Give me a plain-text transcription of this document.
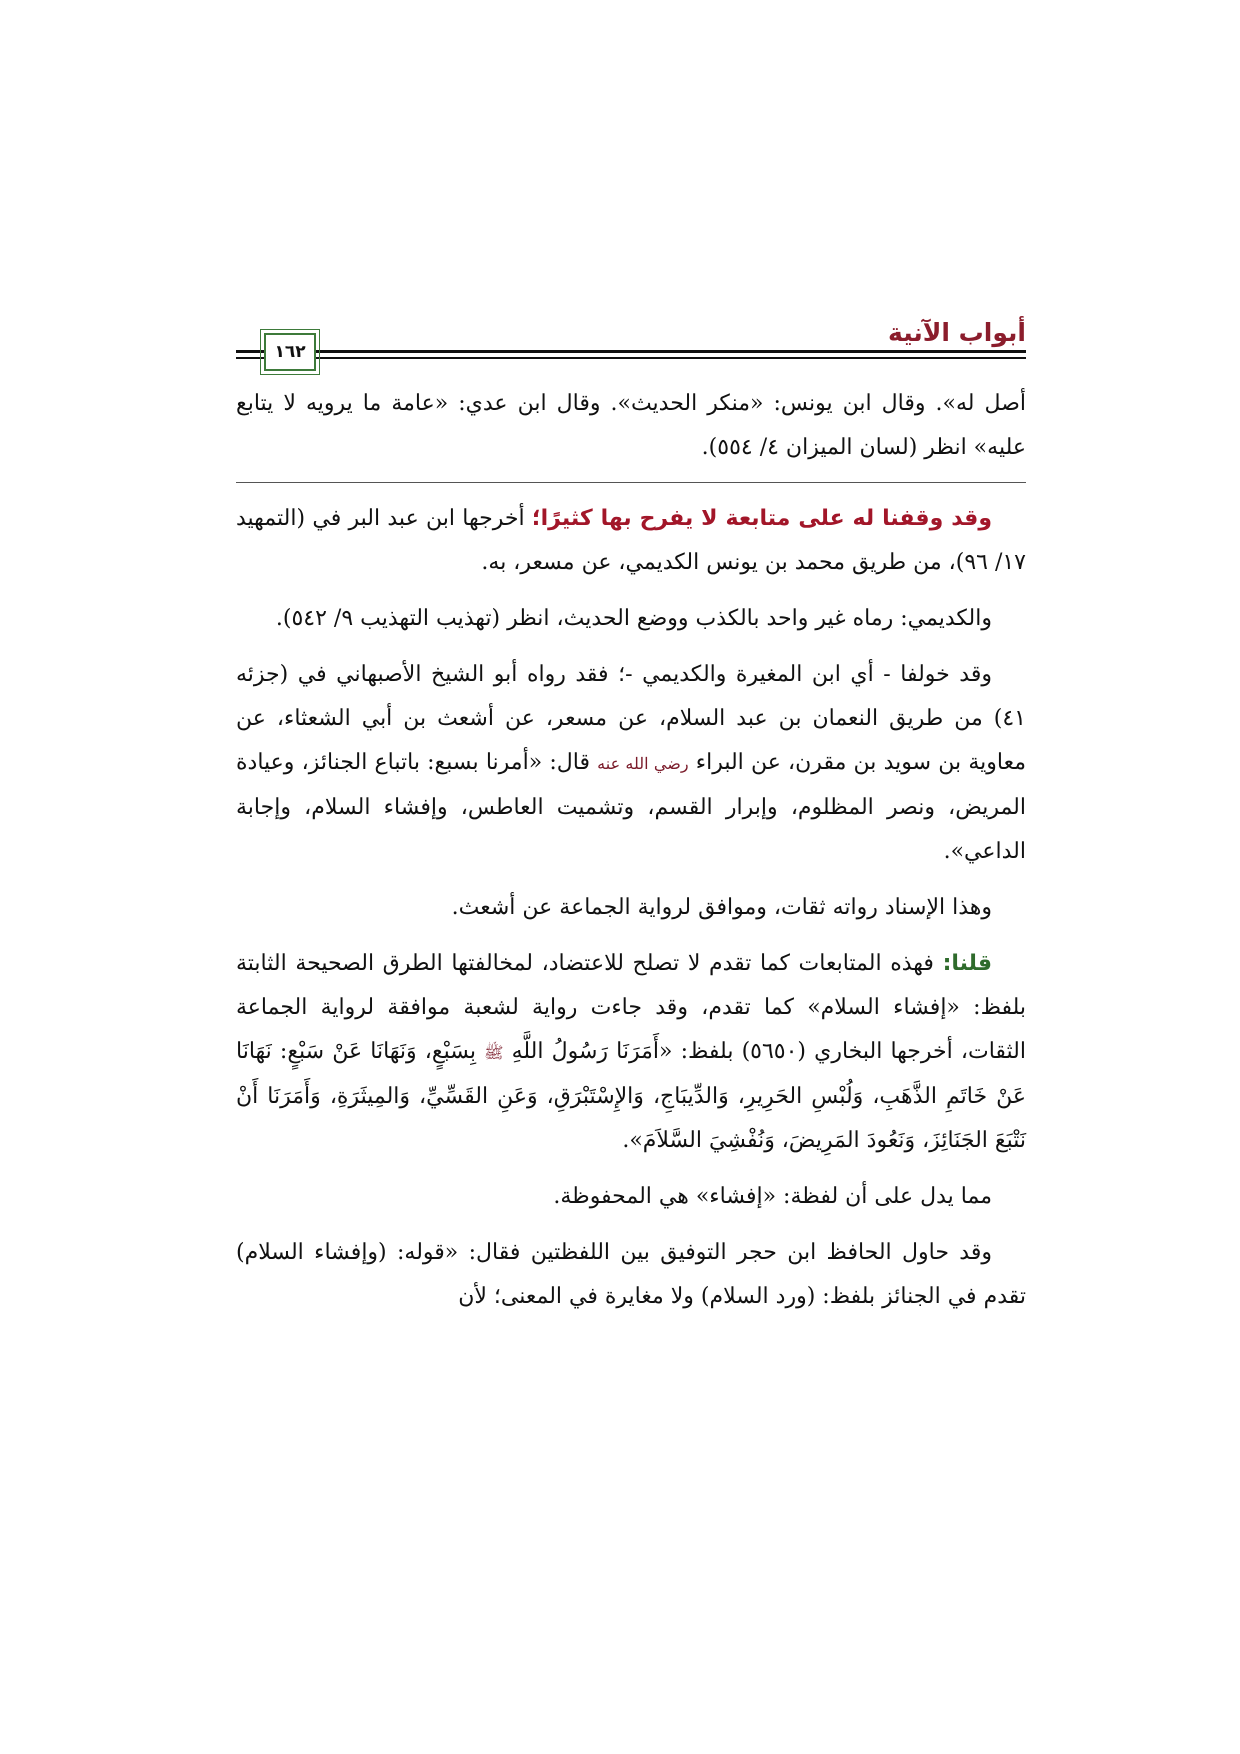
أبواب الآنية
١٦٢

أصل له». وقال ابن يونس: «منكر الحديث». وقال ابن عدي: «عامة ما يرويه لا يتابع عليه» انظر (لسان الميزان ٤/ ٥٥٤).

وقد وقفنا له على متابعة لا يفرح بها كثيرًا؛ أخرجها ابن عبد البر في (التمهيد ١٧/ ٩٦)، من طريق محمد بن يونس الكديمي، عن مسعر، به.

والكديمي: رماه غير واحد بالكذب ووضع الحديث، انظر (تهذيب التهذيب ٩/ ٥٤٢).

وقد خولفا - أي ابن المغيرة والكديمي -؛ فقد رواه أبو الشيخ الأصبهاني في (جزئه ٤١) من طريق النعمان بن عبد السلام، عن مسعر، عن أشعث بن أبي الشعثاء، عن معاوية بن سويد بن مقرن، عن البراء رضي الله عنه قال: «أمرنا بسبع: باتباع الجنائز، وعيادة المريض، ونصر المظلوم، وإبرار القسم، وتشميت العاطس، وإفشاء السلام، وإجابة الداعي».

وهذا الإسناد رواته ثقات، وموافق لرواية الجماعة عن أشعث.

قلنا: فهذه المتابعات كما تقدم لا تصلح للاعتضاد، لمخالفتها الطرق الصحيحة الثابتة بلفظ: «إفشاء السلام» كما تقدم، وقد جاءت رواية لشعبة موافقة لرواية الجماعة الثقات، أخرجها البخاري (٥٦٥٠) بلفظ: «أَمَرَنَا رَسُولُ اللَّهِ ﷺ بِسَبْعٍ، وَنَهَانَا عَنْ سَبْعٍ: نَهَانَا عَنْ خَاتَمِ الذَّهَبِ، وَلُبْسِ الحَرِيرِ، وَالدِّيبَاجِ، وَالإِسْتَبْرَقِ، وَعَنِ القَسِّيِّ، وَالمِيثَرَةِ، وَأَمَرَنَا أَنْ نَتْبَعَ الجَنَائِزَ، وَنَعُودَ المَرِيضَ، وَنُفْشِيَ السَّلاَمَ».

مما يدل على أن لفظة: «إفشاء» هي المحفوظة.

وقد حاول الحافظ ابن حجر التوفيق بين اللفظتين فقال: «قوله: (وإفشاء السلام) تقدم في الجنائز بلفظ: (ورد السلام) ولا مغايرة في المعنى؛ لأن
